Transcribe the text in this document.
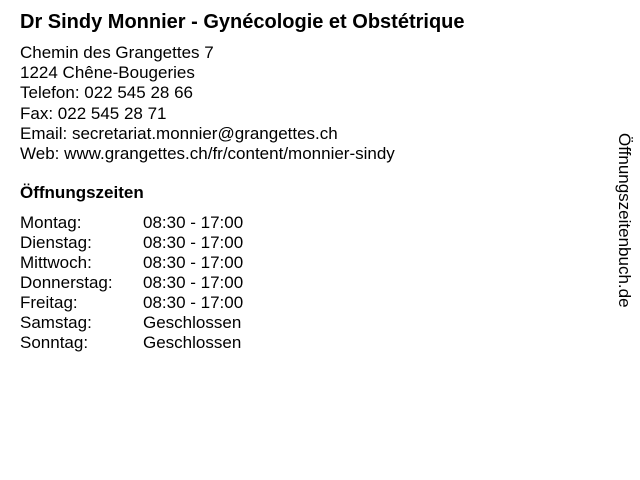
Dr Sindy Monnier - Gynécologie et Obstétrique
Chemin des Grangettes 7
1224 Chêne-Bougeries
Telefon: 022 545 28 66
Fax: 022 545 28 71
Email: secretariat.monnier@grangettes.ch
Web: www.grangettes.ch/fr/content/monnier-sindy
Öffnungszeiten
Montag:	08:30 - 17:00
Dienstag:	08:30 - 17:00
Mittwoch:	08:30 - 17:00
Donnerstag:	08:30 - 17:00
Freitag:	08:30 - 17:00
Samstag:	Geschlossen
Sonntag:	Geschlossen
Öffnungszeitenbuch.de
